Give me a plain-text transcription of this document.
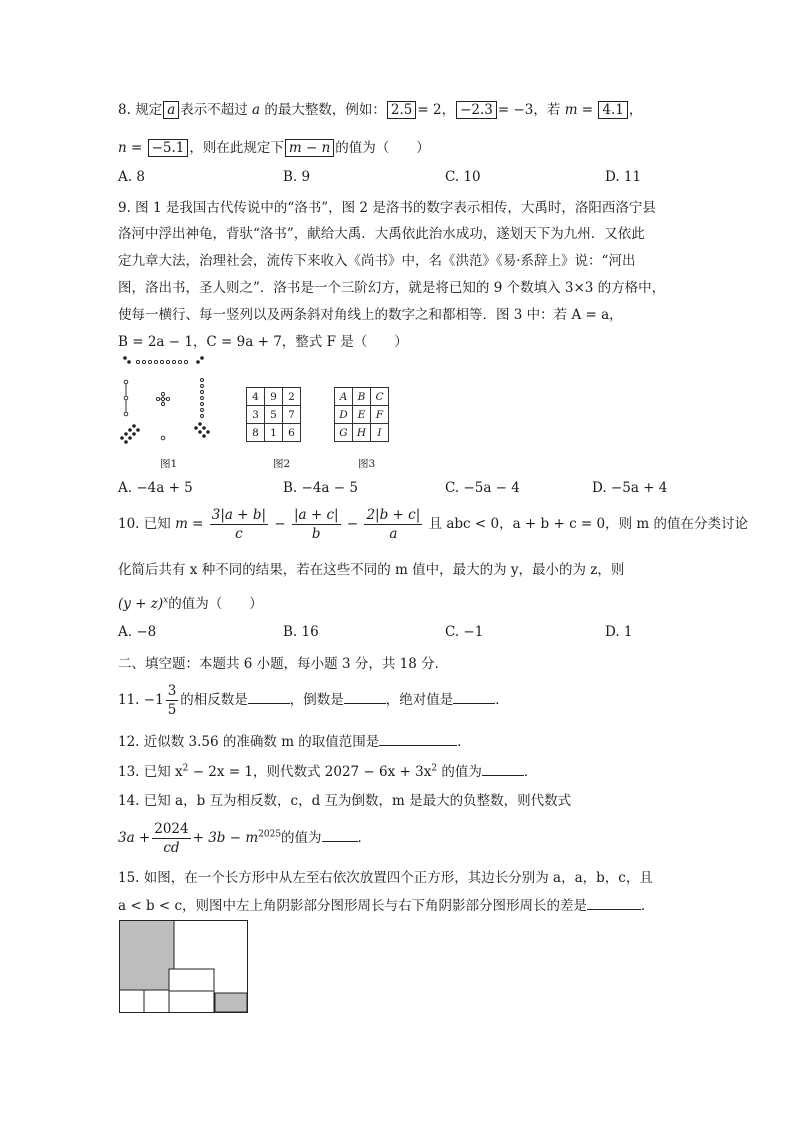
8. 规定 a 表示不超过 a 的最大整数，例如： 2.5 = 2， −2.3 = −3，若 m = 4.1 ，
n = −5.1 ，则在此规定下 m − n 的值为（　　）
A. 8	B. 9	C. 10	D. 11
9. 图 1 是我国古代传说中的“洛书”，图 2 是洛书的数字表示相传，大禹时，洛阳西洛宁县
洛河中浮出神龟，背驮“洛书”，献给大禹．大禹依此治水成功，遂划天下为九州．又依此
定九章大法，治理社会，流传下来收入《尚书》中，名《洪范》《易·系辞上》说：“河出
图，洛出书，圣人则之”．洛书是一个三阶幻方，就是将已知的 9 个数填入 3×3 的方格中，
使每一横行、每一竖列以及两条斜对角线上的数字之和都相等．图 3 中：若 A = a，
B = 2a − 1，C = 9a + 7，整式 F 是（　　）
图1
4	9	2
3	5	7
8	1	6
图2
A	B	C
D	E	F
G	H	I
图3
A. −4a + 5	B. −4a − 5	C. −5a − 4	D. −5a + 4
10. 已知 $m = \frac{3|a + b|}{c} - \frac{|a + c|}{b} - \frac{2|b + c|}{a}$ 且 abc < 0，a + b + c = 0，则 m 的值在分类讨论
化简后共有 x 种不同的结果，若在这些不同的 m 值中，最大的为 y，最小的为 z，则
$(y + z)^x$的值为（　　）
A. −8	B. 16	C. −1	D. 1
二、填空题：本题共 6 小题，每小题 3 分，共 18 分．
11. $-1 \frac{3}{5}$ 的相反数是	，倒数是	，绝对值是	．
12. 近似数 3.56 的准确数 m 的取值范围是	．
13. 已知 $x^2 - 2x = 1$，则代数式 $2027 - 6x + 3x^2$ 的值为	．
14. 已知 a，b 互为相反数，c，d 互为倒数，m 是最大的负整数，则代数式
$3a + \frac{2024}{cd} + 3b - m^{2025}$的值为	．
15. 如图，在一个长方形中从左至右依次放置四个正方形，其边长分别为 a，a，b，c，且
a < b < c，则图中左上角阴影部分图形周长与右下角阴影部分图形周长的差是	．
